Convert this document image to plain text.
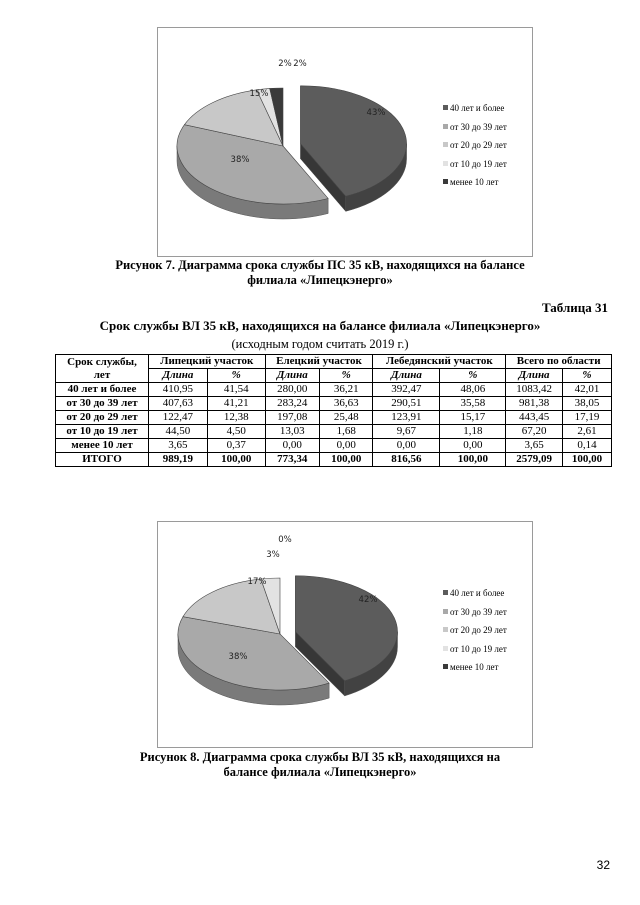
43%
38%
15%
2% 2%
40 лет и более
от 30 до 39 лет
от 20 до 29 лет
от 10 до 19 лет
менее 10 лет
Рисунок 7. Диаграмма срока службы ПС 35 кВ, находящихся на балансе
филиала «Липецкэнерго»
Таблица 31
Срок службы ВЛ 35 кВ, находящихся на балансе филиала «Липецкэнерго»
(исходным годом считать 2019 г.)
Срок службы, лет	Липецкий участок		Елецкий участок		Лебедянский участок		Всего по области	
	Длина	%	Длина	%	Длина	%	Длина	%
40 лет и более	410,95	41,54	280,00	36,21	392,47	48,06	1083,42	42,01
от 30 до 39 лет	407,63	41,21	283,24	36,63	290,51	35,58	981,38	38,05
от 20 до 29 лет	122,47	12,38	197,08	25,48	123,91	15,17	443,45	17,19
от 10 до 19 лет	44,50	4,50	13,03	1,68	9,67	1,18	67,20	2,61
менее 10 лет	3,65	0,37	0,00	0,00	0,00	0,00	3,65	0,14
ИТОГО	989,19	100,00	773,34	100,00	816,56	100,00	2579,09	100,00
42%
38%
17%
3%
0%
40 лет и более
от 30 до 39 лет
от 20 до 29 лет
от 10 до 19 лет
менее 10 лет
Рисунок 8. Диаграмма срока службы ВЛ 35 кВ, находящихся на
балансе филиала «Липецкэнерго»
32
